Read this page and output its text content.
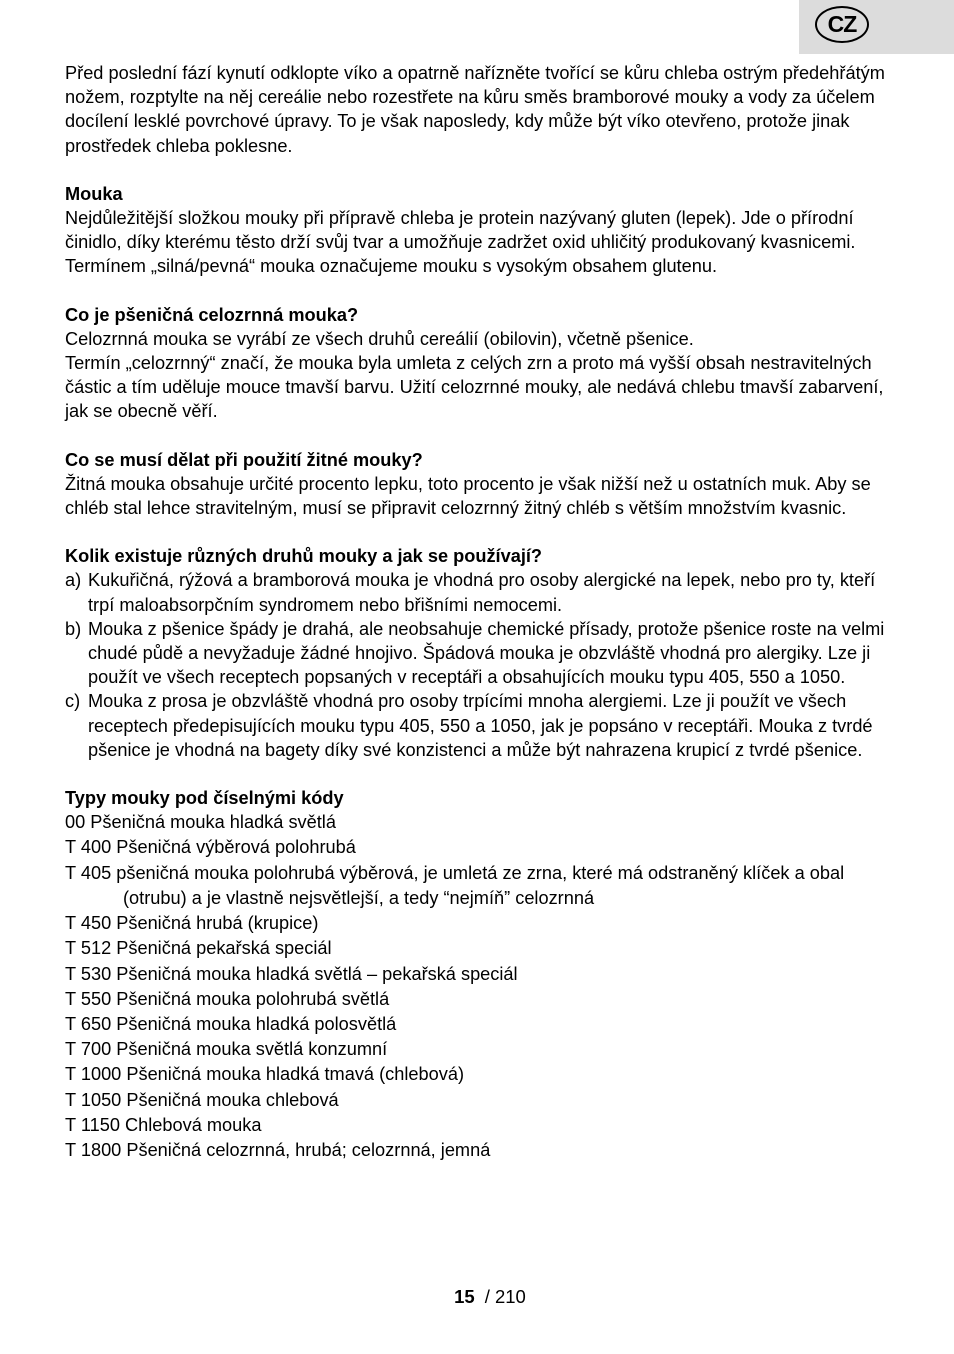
CZ

Před poslední fází kynutí odklopte víko a opatrně nařízněte tvořící se kůru chleba ostrým předehřátým nožem, rozptylte na něj cereálie nebo rozestřete na kůru směs bramborové mouky a vody za účelem docílení lesklé povrchové úpravy. To je však naposledy, kdy může být víko otevřeno, protože jinak prostředek chleba poklesne.

Mouka

Nejdůležitější složkou mouky při přípravě chleba je protein nazývaný gluten (lepek). Jde o přírodní činidlo, díky kterému těsto drží svůj tvar a umožňuje zadržet oxid uhličitý produkovaný kvasnicemi. Termínem „silná/pevná“ mouka označujeme mouku s vysokým obsahem glutenu.

Co je pšeničná celozrnná mouka?

Celozrnná mouka se vyrábí ze všech druhů cereálií (obilovin), včetně pšenice.

Termín „celozrnný“ značí, že mouka byla umleta z celých zrn a proto má vyšší obsah nestravitelných částic a tím uděluje mouce tmavší barvu. Užití celozrnné mouky, ale nedává chlebu tmavší zabarvení, jak se obecně věří.

Co se musí dělat při použití žitné mouky?

Žitná mouka obsahuje určité procento lepku, toto procento je však nižší než u ostatních muk. Aby se chléb stal lehce stravitelným, musí se připravit celozrnný žitný chléb s větším množstvím kvasnic.

Kolik existuje různých druhů mouky a jak se používají?
a) Kukuřičná, rýžová a bramborová mouka je vhodná pro osoby alergické na lepek, nebo pro ty, kteří trpí maloabsorpčním syndromem nebo břišními nemocemi.
b) Mouka z pšenice špády je drahá, ale neobsahuje chemické přísady, protože pšenice roste na velmi chudé půdě a nevyžaduje žádné hnojivo. Špádová mouka je obzvláště vhodná pro alergiky. Lze ji použít ve všech receptech popsaných v receptáři a obsahujících mouku typu 405, 550 a 1050.
c) Mouka z prosa je obzvláště vhodná pro osoby trpícími mnoha alergiemi. Lze ji použít ve všech receptech předepisujících mouku typu 405, 550 a 1050, jak je popsáno v receptáři. Mouka z tvrdé pšenice je vhodná na bagety díky své konzistenci a může být nahrazena krupicí z tvrdé pšenice.
Typy mouky pod číselnými kódy
00 Pšeničná mouka hladká světlá
T 400 Pšeničná výběrová polohrubá
T 405 pšeničná mouka polohrubá výběrová, je umletá ze zrna, které má odstraněný klíček a obal (otrubu) a je vlastně nejsvětlejší, a tedy “nejmíň” celozrnná
T 450 Pšeničná hrubá (krupice)
T 512 Pšeničná pekařská speciál
T 530 Pšeničná mouka hladká světlá – pekařská speciál
T 550 Pšeničná mouka polohrubá světlá
T 650 Pšeničná mouka hladká polosvětlá
T 700 Pšeničná mouka světlá konzumní
T 1000 Pšeničná mouka hladká tmavá (chlebová)
T 1050 Pšeničná mouka chlebová
T 1150 Chlebová mouka
T 1800 Pšeničná celozrnná, hrubá; celozrnná, jemná
15 / 210
